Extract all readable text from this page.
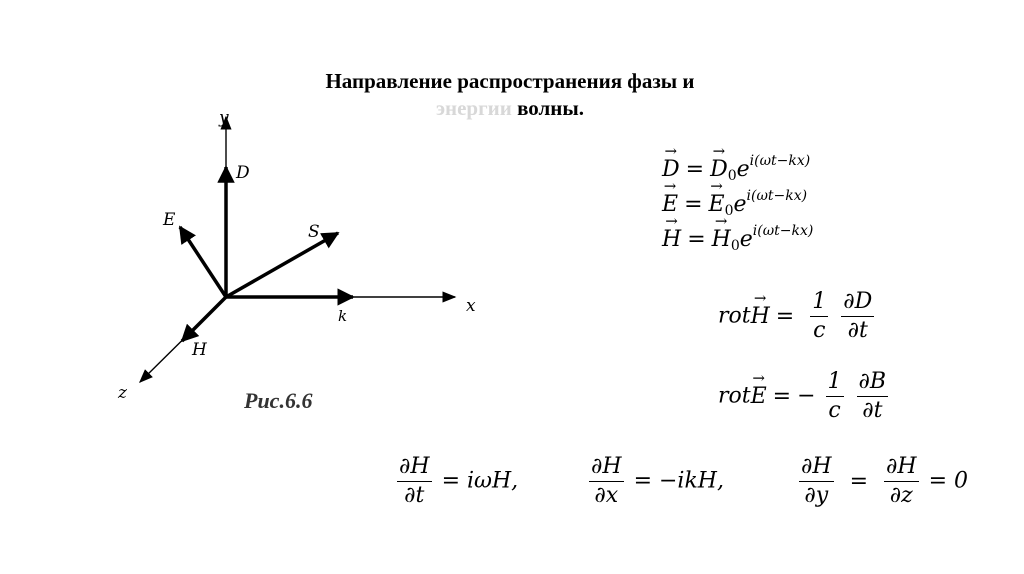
Направление распространения фазы и
энергии волны.
y
D
E
S
x
k
H
z	Рис.6.6
→ $D =\to D_0e^{i(\omega t-kx)}$
→ $E =\to E_0e^{i(\omega t-kx)}$
→ $H =\to H_0e^{i(\omega t-kx)}$
$rot\to H = \frac{1}{c}$
$\frac{\partial D}{\partial t}$
rot→ E = − $\frac{1}{c}$
$\frac{\partial B}{\partial t}$
$\frac{\partial H}{\partial t} = i\omega H$,	$\frac{\partial H}{\partial x} = -ikH$,	$\frac{\partial H}{\partial y} = \frac{\partial H}{\partial z} = 0$
